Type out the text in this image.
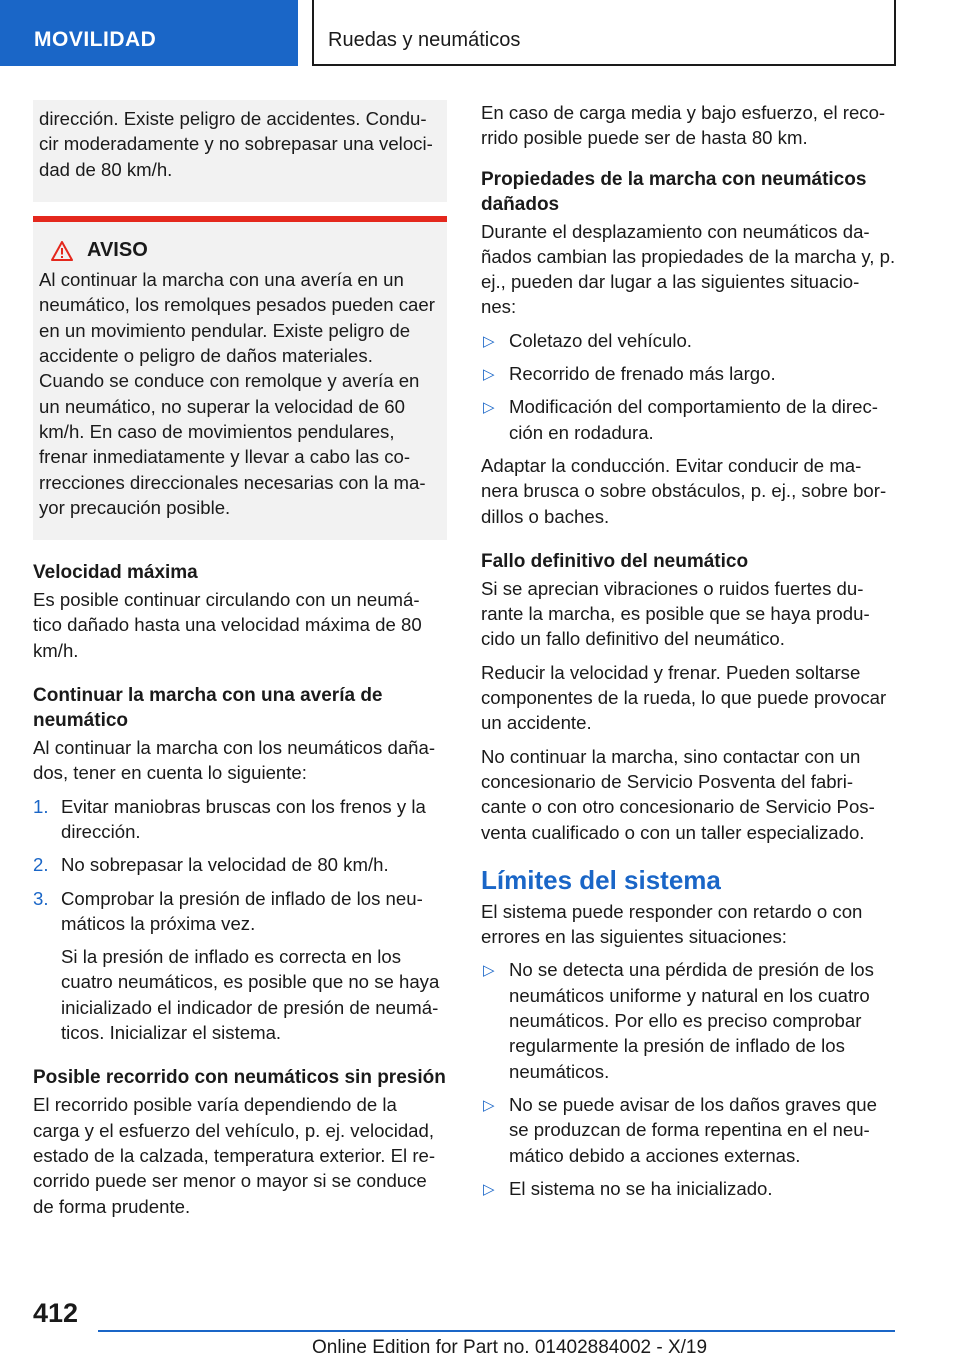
MOVILIDAD	Ruedas y neumáticos

dirección. Existe peligro de accidentes. Condu- cir moderadamente y no sobrepasar una veloci- dad de 80 km/h.

AVISO

Al continuar la marcha con una avería en un neumático, los remolques pesados pueden caer en un movimiento pendular. Existe peligro de accidente o peligro de daños materiales. Cuando se conduce con remolque y avería en un neumático, no superar la velocidad de 60 km/h. En caso de movimientos pendulares, frenar inmediatamente y llevar a cabo las co- rrecciones direccionales necesarias con la ma- yor precaución posible.

Velocidad máxima

Es posible continuar circulando con un neumá- tico dañado hasta una velocidad máxima de 80 km/h.

Continuar la marcha con una avería de neumático

Al continuar la marcha con los neumáticos daña- dos, tener en cuenta lo siguiente:

1. Evitar maniobras bruscas con los frenos y la dirección.
2. No sobrepasar la velocidad de 80 km/h.
3. Comprobar la presión de inflado de los neu- máticos la próxima vez.

Si la presión de inflado es correcta en los cuatro neumáticos, es posible que no se haya inicializado el indicador de presión de neumá- ticos. Inicializar el sistema.

Posible recorrido con neumáticos sin presión

El recorrido posible varía dependiendo de la carga y el esfuerzo del vehículo, p. ej. velocidad, estado de la calzada, temperatura exterior. El re- corrido puede ser menor o mayor si se conduce de forma prudente.

En caso de carga media y bajo esfuerzo, el reco- rrido posible puede ser de hasta 80 km.

Propiedades de la marcha con neumáticos dañados

Durante el desplazamiento con neumáticos da- ñados cambian las propiedades de la marcha y, p. ej., pueden dar lugar a las siguientes situacio- nes:

▷ Coletazo del vehículo.
▷ Recorrido de frenado más largo.
▷ Modificación del comportamiento de la direc- ción en rodadura.

Adaptar la conducción. Evitar conducir de ma- nera brusca o sobre obstáculos, p. ej., sobre bor- dillos o baches.

Fallo definitivo del neumático

Si se aprecian vibraciones o ruidos fuertes du- rante la marcha, es posible que se haya produ- cido un fallo definitivo del neumático.

Reducir la velocidad y frenar. Pueden soltarse componentes de la rueda, lo que puede provocar un accidente.

No continuar la marcha, sino contactar con un concesionario de Servicio Posventa del fabri- cante o con otro concesionario de Servicio Pos- venta cualificado o con un taller especializado.

Límites del sistema

El sistema puede responder con retardo o con errores en las siguientes situaciones:

▷ No se detecta una pérdida de presión de los neumáticos uniforme y natural en los cuatro neumáticos. Por ello es preciso comprobar regularmente la presión de inflado de los neumáticos.
▷ No se puede avisar de los daños graves que se produzcan de forma repentina en el neu- mático debido a acciones externas.
▷ El sistema no se ha inicializado.
412
Online Edition for Part no. 01402884002 - X/19
